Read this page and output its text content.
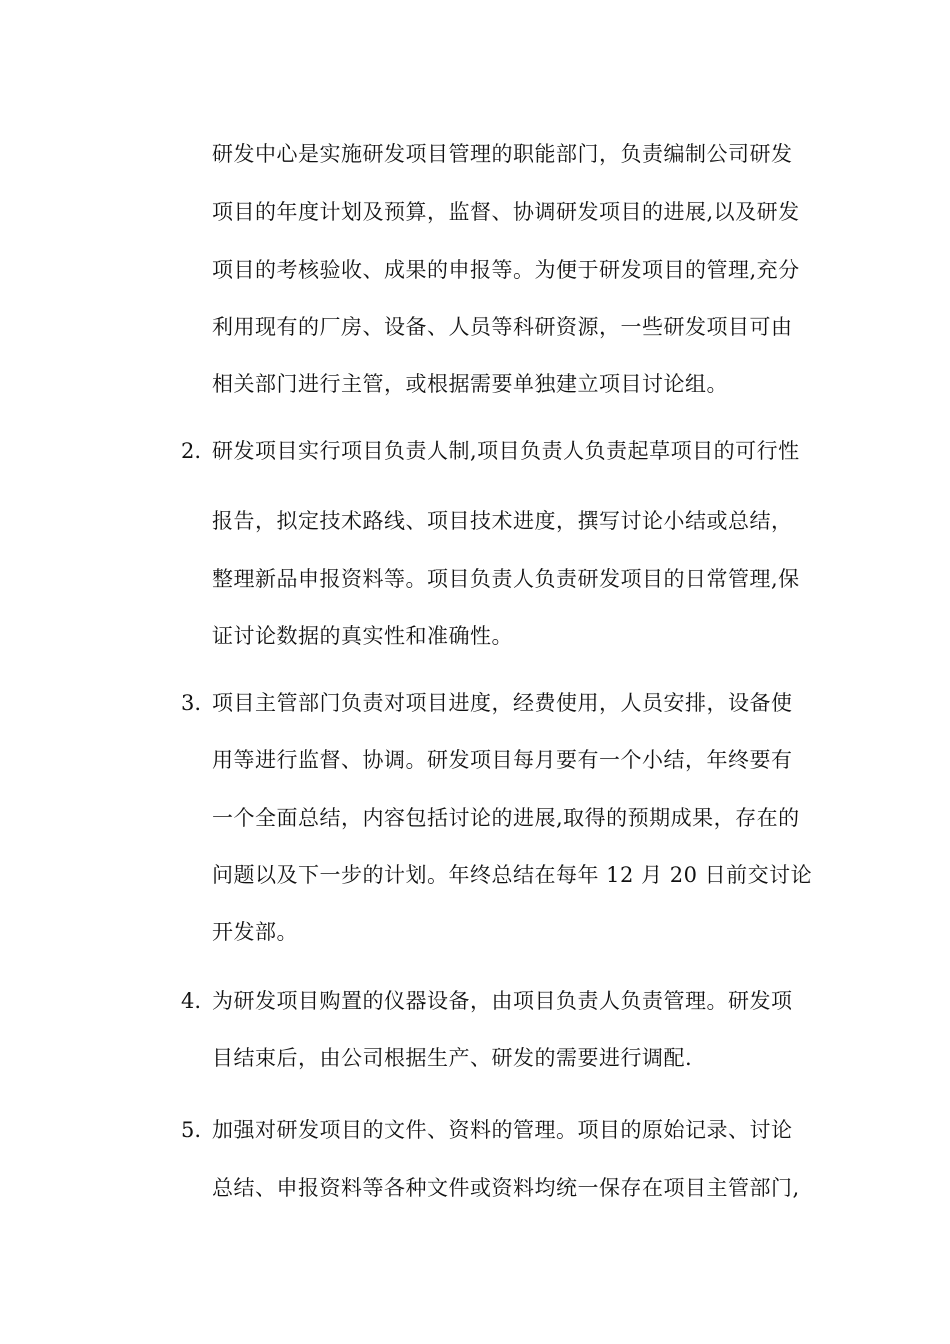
研发中心是实施研发项目管理的职能部门，负责编制公司研发
项目的年度计划及预算，监督、协调研发项目的进展,以及研发
项目的考核验收、成果的申报等。为便于研发项目的管理,充分
利用现有的厂房、设备、人员等科研资源，一些研发项目可由
相关部门进行主管，或根据需要单独建立项目讨论组。
2. 研发项目实行项目负责人制,项目负责人负责起草项目的可行性
报告，拟定技术路线、项目技术进度，撰写讨论小结或总结，
整理新品申报资料等。项目负责人负责研发项目的日常管理,保
证讨论数据的真实性和准确性。
3. 项目主管部门负责对项目进度，经费使用，人员安排，设备使
用等进行监督、协调。研发项目每月要有一个小结，年终要有
一个全面总结，内容包括讨论的进展,取得的预期成果，存在的
问题以及下一步的计划。年终总结在每年 12 月 20 日前交讨论
开发部。
4. 为研发项目购置的仪器设备，由项目负责人负责管理。研发项
目结束后，由公司根据生产、研发的需要进行调配.
5. 加强对研发项目的文件、资料的管理。项目的原始记录、讨论
总结、申报资料等各种文件或资料均统一保存在项目主管部门,
